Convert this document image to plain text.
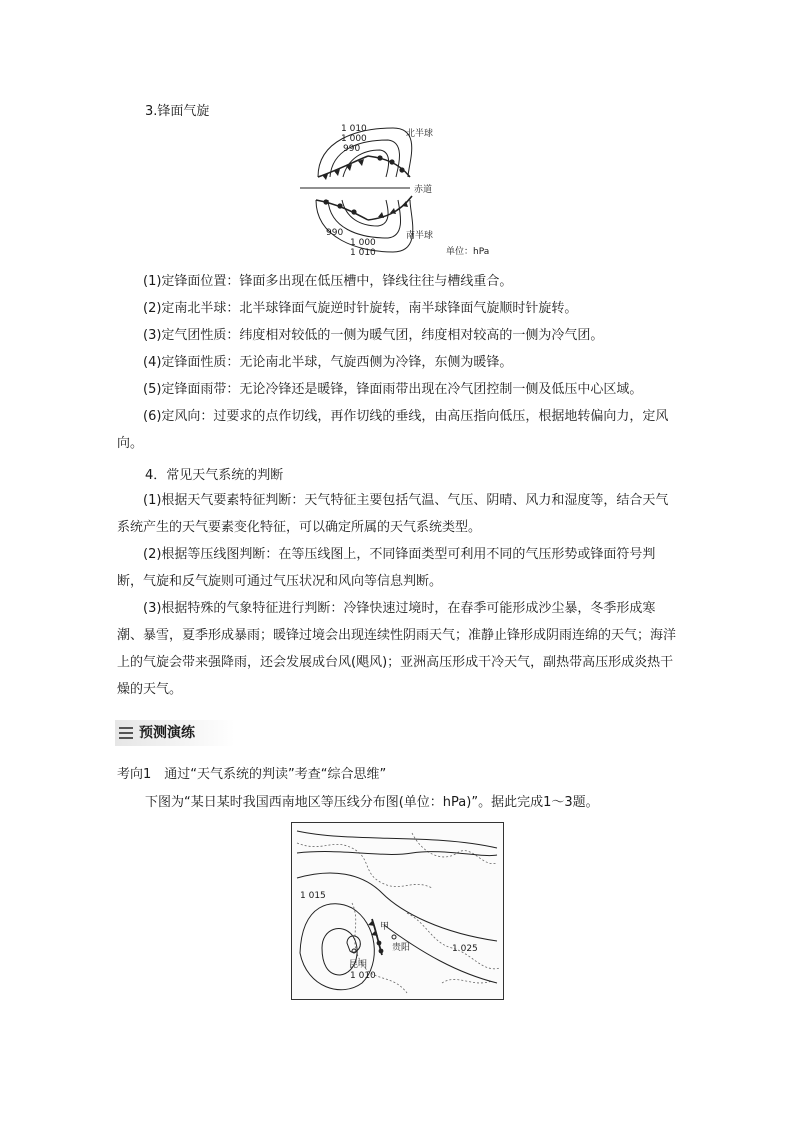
3.锋面气旋
1 010
1 000
990
北半球
赤道
南半球
990
1 000
1 010	单位：hPa
(1)定锋面位置：锋面多出现在低压槽中，锋线往往与槽线重合。
(2)定南北半球：北半球锋面气旋逆时针旋转，南半球锋面气旋顺时针旋转。
(3)定气团性质：纬度相对较低的一侧为暖气团，纬度相对较高的一侧为冷气团。
(4)定锋面性质：无论南北半球，气旋西侧为冷锋，东侧为暖锋。
(5)定锋面雨带：无论冷锋还是暖锋，锋面雨带出现在冷气团控制一侧及低压中心区域。
(6)定风向：过要求的点作切线，再作切线的垂线，由高压指向低压，根据地转偏向力，定风向。
4．常见天气系统的判断
(1)根据天气要素特征判断：天气特征主要包括气温、气压、阴晴、风力和湿度等，结合天气系统产生的天气要素变化特征，可以确定所属的天气系统类型。
(2)根据等压线图判断：在等压线图上，不同锋面类型可利用不同的气压形势或锋面符号判断，气旋和反气旋则可通过气压状况和风向等信息判断。
(3)根据特殊的气象特征进行判断：冷锋快速过境时，在春季可能形成沙尘暴，冬季形成寒潮、暴雪，夏季形成暴雨；暖锋过境会出现连续性阴雨天气；准静止锋形成阴雨连绵的天气；海洋上的气旋会带来强降雨，还会发展成台风(飓风)；亚洲高压形成干冷天气，副热带高压形成炎热干燥的天气。
预测演练
考向1　通过“天气系统的判读”考查“综合思维”
下图为“某日某时我国西南地区等压线分布图(单位：hPa)”。据此完成1～3题。
1 015
甲
贵阳	1 025
昆明
1 010
